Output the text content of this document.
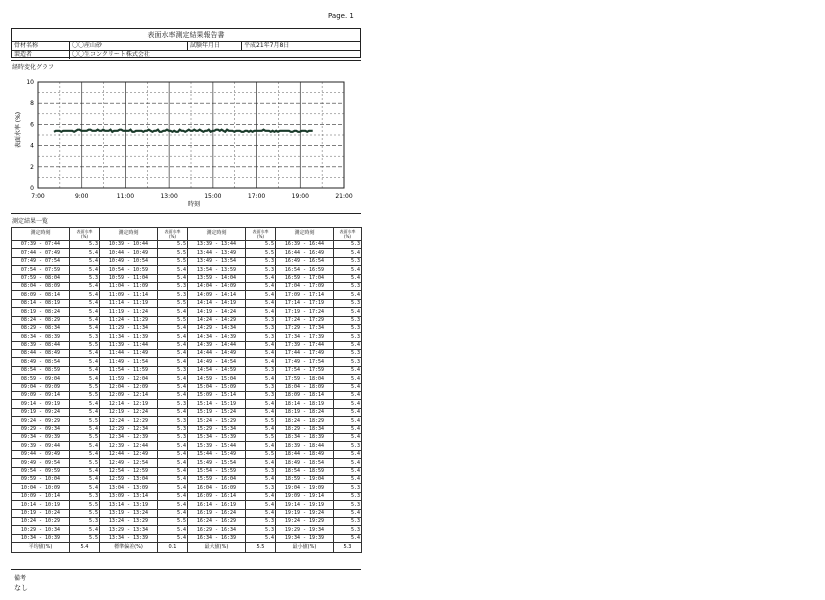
Page. 1
表面水率測定結果報告書
骨材名称	〇〇産山砂	試験年月日	平成21年7月8日
製造者	〇〇生コンクリート株式会社
経時変化グラフ
0
2
4
6
8
10
7:00	9:00	11:00	13:00	15:00	17:00	19:00	21:00
表面水率 (%)
時刻
測定結果一覧
測定時刻	表面水率
(%)	測定時刻	表面水率
(%)	測定時刻	表面水率
(%)	測定時刻	表面水率
(%)
07:39 - 07:44	5.3	10:39 - 10:44	5.5	13:39 - 13:44	5.5	16:39 - 16:44	5.3
07:44 - 07:49	5.4	10:44 - 10:49	5.5	13:44 - 13:49	5.5	16:44 - 16:49	5.4
07:49 - 07:54	5.4	10:49 - 10:54	5.5	13:49 - 13:54	5.3	16:49 - 16:54	5.3
07:54 - 07:59	5.4	10:54 - 10:59	5.4	13:54 - 13:59	5.3	16:54 - 16:59	5.4
07:59 - 08:04	5.3	10:59 - 11:04	5.4	13:59 - 14:04	5.4	16:59 - 17:04	5.4
08:04 - 08:09	5.4	11:04 - 11:09	5.3	14:04 - 14:09	5.4	17:04 - 17:09	5.3
08:09 - 08:14	5.4	11:09 - 11:14	5.3	14:09 - 14:14	5.4	17:09 - 17:14	5.4
08:14 - 08:19	5.4	11:14 - 11:19	5.5	14:14 - 14:19	5.4	17:14 - 17:19	5.3
08:19 - 08:24	5.4	11:19 - 11:24	5.4	14:19 - 14:24	5.4	17:19 - 17:24	5.4
08:24 - 08:29	5.4	11:24 - 11:29	5.5	14:24 - 14:29	5.3	17:24 - 17:29	5.3
08:29 - 08:34	5.4	11:29 - 11:34	5.4	14:29 - 14:34	5.3	17:29 - 17:34	5.3
08:34 - 08:39	5.3	11:34 - 11:39	5.4	14:34 - 14:39	5.3	17:34 - 17:39	5.3
08:39 - 08:44	5.5	11:39 - 11:44	5.4	14:39 - 14:44	5.4	17:39 - 17:44	5.4
08:44 - 08:49	5.4	11:44 - 11:49	5.4	14:44 - 14:49	5.4	17:44 - 17:49	5.3
08:49 - 08:54	5.4	11:49 - 11:54	5.4	14:49 - 14:54	5.4	17:49 - 17:54	5.3
08:54 - 08:59	5.4	11:54 - 11:59	5.3	14:54 - 14:59	5.3	17:54 - 17:59	5.4
08:59 - 09:04	5.4	11:59 - 12:04	5.4	14:59 - 15:04	5.4	17:59 - 18:04	5.4
09:04 - 09:09	5.5	12:04 - 12:09	5.4	15:04 - 15:09	5.3	18:04 - 18:09	5.4
09:09 - 09:14	5.5	12:09 - 12:14	5.4	15:09 - 15:14	5.3	18:09 - 18:14	5.4
09:14 - 09:19	5.4	12:14 - 12:19	5.3	15:14 - 15:19	5.4	18:14 - 18:19	5.4
09:19 - 09:24	5.4	12:19 - 12:24	5.4	15:19 - 15:24	5.4	18:19 - 18:24	5.4
09:24 - 09:29	5.5	12:24 - 12:29	5.3	15:24 - 15:29	5.5	18:24 - 18:29	5.4
09:29 - 09:34	5.4	12:29 - 12:34	5.3	15:29 - 15:34	5.4	18:29 - 18:34	5.4
09:34 - 09:39	5.5	12:34 - 12:39	5.3	15:34 - 15:39	5.5	18:34 - 18:39	5.4
09:39 - 09:44	5.4	12:39 - 12:44	5.4	15:39 - 15:44	5.4	18:39 - 18:44	5.3
09:44 - 09:49	5.4	12:44 - 12:49	5.4	15:44 - 15:49	5.5	18:44 - 18:49	5.4
09:49 - 09:54	5.5	12:49 - 12:54	5.4	15:49 - 15:54	5.4	18:49 - 18:54	5.4
09:54 - 09:59	5.4	12:54 - 12:59	5.4	15:54 - 15:59	5.3	18:54 - 18:59	5.4
09:59 - 10:04	5.4	12:59 - 13:04	5.4	15:59 - 16:04	5.4	18:59 - 19:04	5.4
10:04 - 10:09	5.4	13:04 - 13:09	5.4	16:04 - 16:09	5.3	19:04 - 19:09	5.3
10:09 - 10:14	5.3	13:09 - 13:14	5.4	16:09 - 16:14	5.4	19:09 - 19:14	5.3
10:14 - 10:19	5.5	13:14 - 13:19	5.4	16:14 - 16:19	5.4	19:14 - 19:19	5.3
10:19 - 10:24	5.5	13:19 - 13:24	5.4	16:19 - 16:24	5.4	19:19 - 19:24	5.4
10:24 - 10:29	5.3	13:24 - 13:29	5.5	16:24 - 16:29	5.3	19:24 - 19:29	5.3
10:29 - 10:34	5.4	13:29 - 13:34	5.4	16:29 - 16:34	5.3	19:29 - 19:34	5.3
10:34 - 10:39	5.5	13:34 - 13:39	5.4	16:34 - 16:39	5.4	19:34 - 19:39	5.4
平均値(%)	5.4	標準偏差(%)	0.1	最大値(%)	5.5	最小値(%)	5.3
備考
なし
